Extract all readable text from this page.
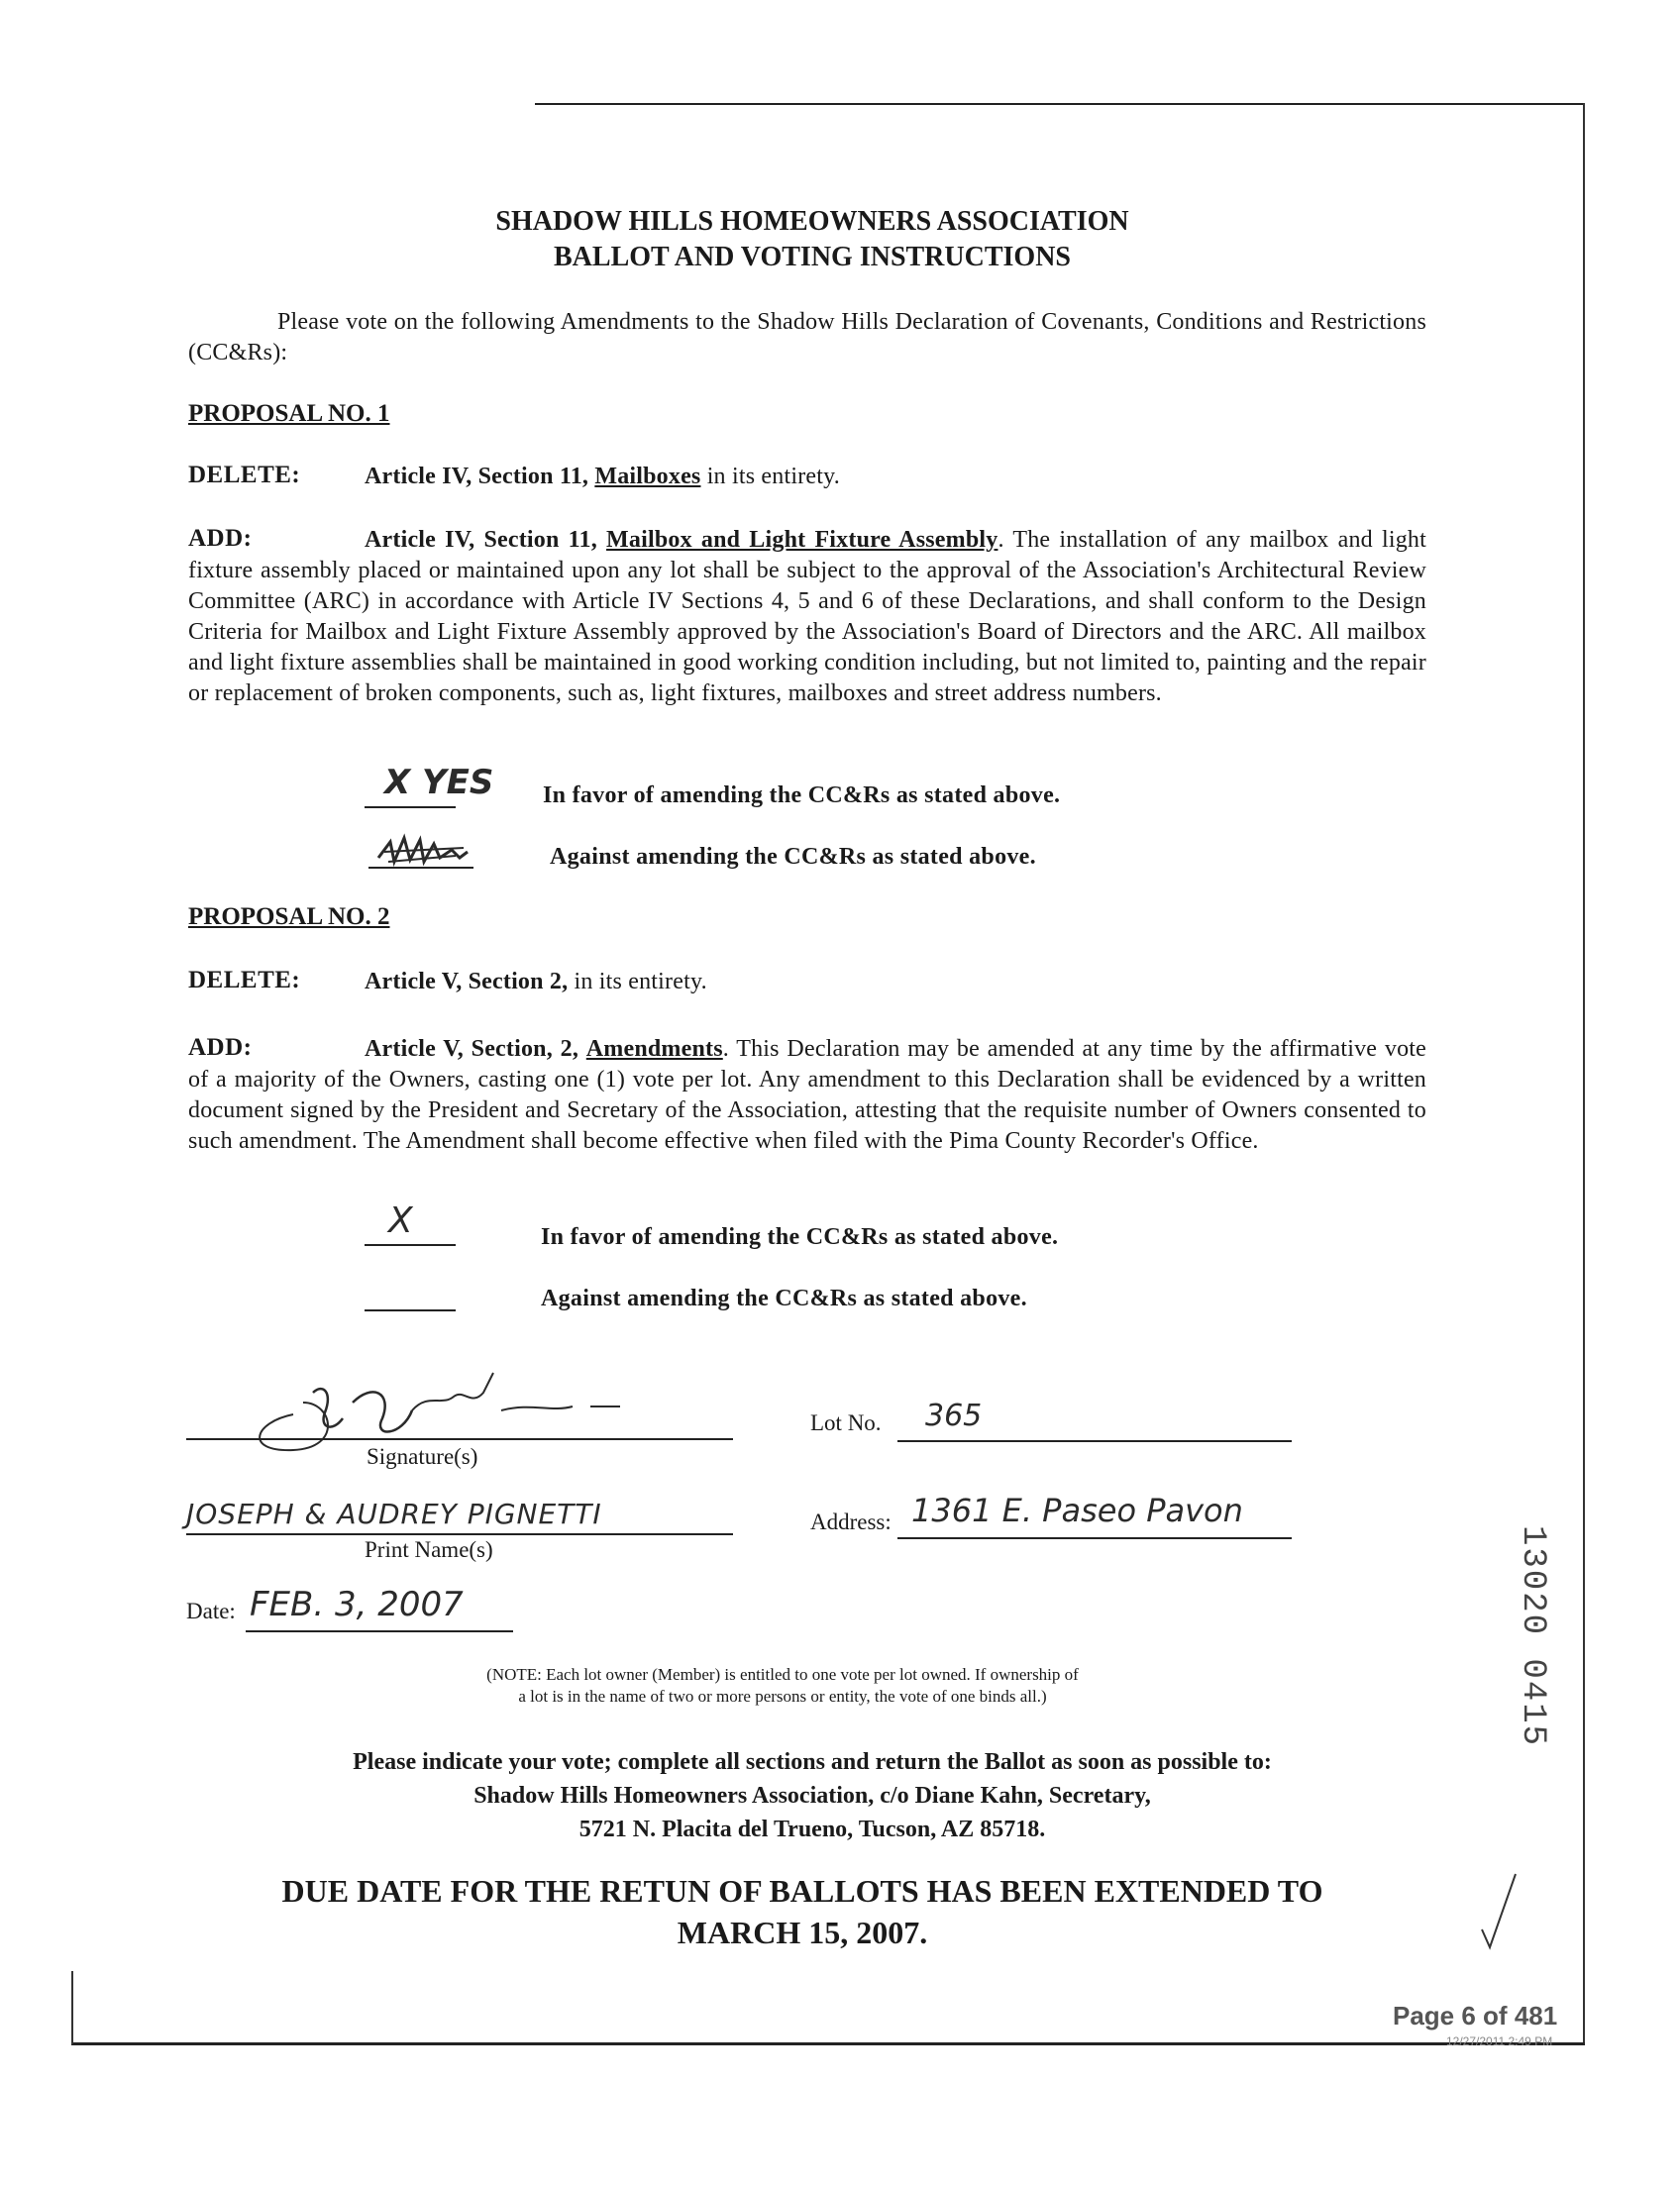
SHADOW HILLS HOMEOWNERS ASSOCIATION
BALLOT AND VOTING INSTRUCTIONS
Please vote on the following Amendments to the Shadow Hills Declaration of Covenants, Conditions and Restrictions (CC&Rs):
PROPOSAL NO. 1
DELETE:	Article IV, Section 11, Mailboxes in its entirety.
ADD:	Article IV, Section 11, Mailbox and Light Fixture Assembly. The installation of any mailbox and light fixture assembly placed or maintained upon any lot shall be subject to the approval of the Association's Architectural Review Committee (ARC) in accordance with Article IV Sections 4, 5 and 6 of these Declarations, and shall conform to the Design Criteria for Mailbox and Light Fixture Assembly approved by the Association's Board of Directors and the ARC. All mailbox and light fixture assemblies shall be maintained in good working condition including, but not limited to, painting and the repair or replacement of broken components, such as, light fixtures, mailboxes and street address numbers.
X YES In favor of amending the CC&Rs as stated above.
Against amending the CC&Rs as stated above.
PROPOSAL NO. 2
DELETE:	Article V, Section 2, in its entirety.
ADD:	Article V, Section, 2, Amendments. This Declaration may be amended at any time by the affirmative vote of a majority of the Owners, casting one (1) vote per lot. Any amendment to this Declaration shall be evidenced by a written document signed by the President and Secretary of the Association, attesting that the requisite number of Owners consented to such amendment. The Amendment shall become effective when filed with the Pima County Recorder's Office.
X	In favor of amending the CC&Rs as stated above.
Against amending the CC&Rs as stated above.
Signature(s)
Lot No. 365
JOSEPH & AUDREY PIGNETTI
Print Name(s)
Address: 1361 E. Paseo Pavon
Date: FEB. 3, 2007
(NOTE: Each lot owner (Member) is entitled to one vote per lot owned. If ownership of
a lot is in the name of two or more persons or entity, the vote of one binds all.)
Please indicate your vote; complete all sections and return the Ballot as soon as possible to:
Shadow Hills Homeowners Association, c/o Diane Kahn, Secretary,
5721 N. Placita del Trueno, Tucson, AZ 85718.
DUE DATE FOR THE RETUN OF BALLOTS HAS BEEN EXTENDED TO
MARCH 15, 2007.
13020 0415
Page 6 of 481
12/27/2011 2:49 PM
